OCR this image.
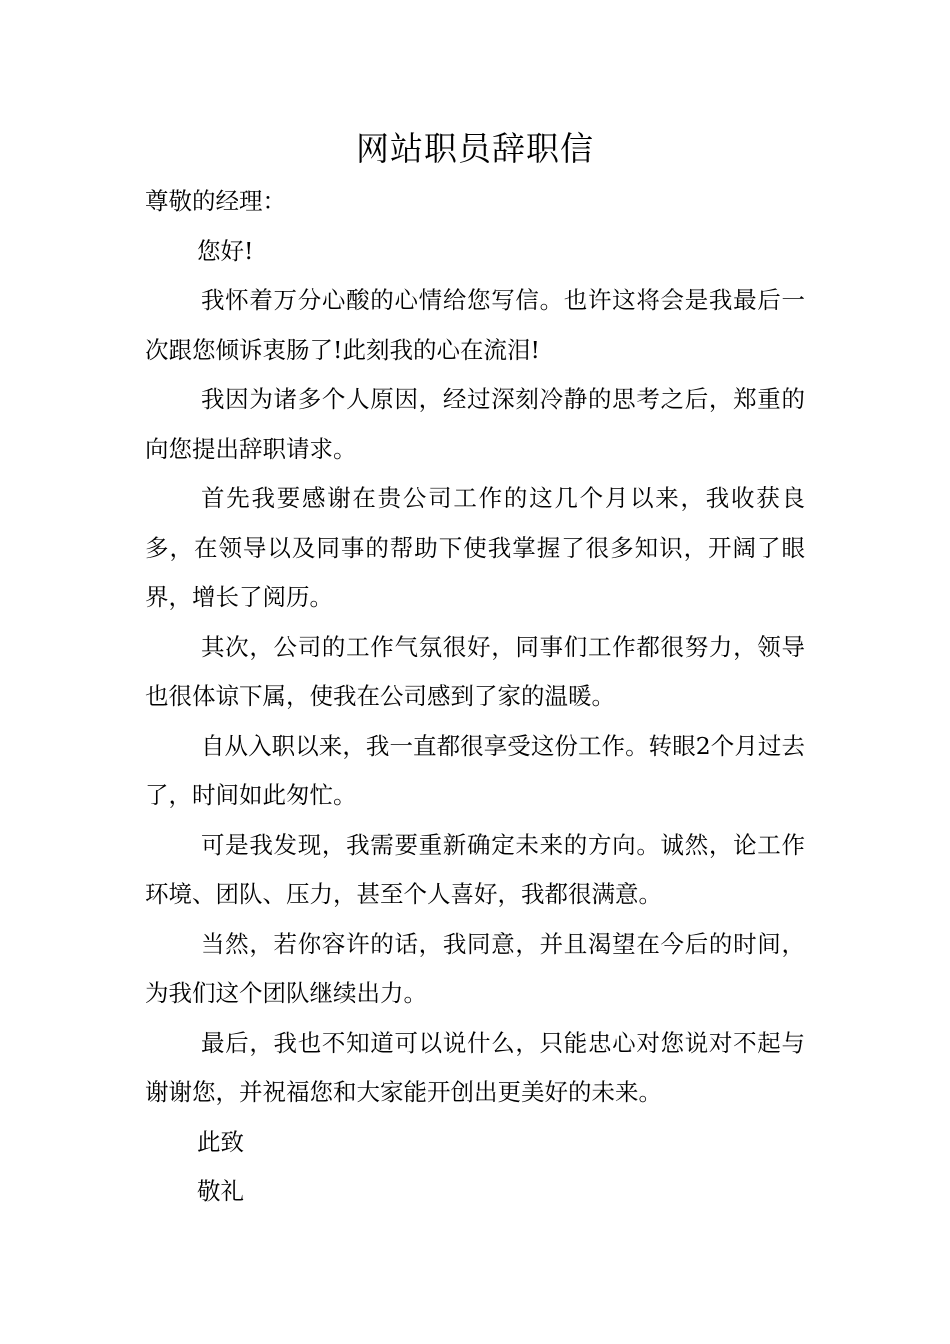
网站职员辞职信

尊敬的经理：

您好!

我怀着万分心酸的心情给您写信。也许这将会是我最后一次跟您倾诉衷肠了!此刻我的心在流泪!

我因为诸多个人原因，经过深刻冷静的思考之后，郑重的向您提出辞职请求。

首先我要感谢在贵公司工作的这几个月以来，我收获良多，在领导以及同事的帮助下使我掌握了很多知识，开阔了眼界，增长了阅历。

其次，公司的工作气氛很好，同事们工作都很努力，领导也很体谅下属，使我在公司感到了家的温暖。

自从入职以来，我一直都很享受这份工作。转眼2个月过去了，时间如此匆忙。

可是我发现，我需要重新确定未来的方向。诚然，论工作环境、团队、压力，甚至个人喜好，我都很满意。

当然，若你容许的话，我同意，并且渴望在今后的时间，为我们这个团队继续出力。

最后，我也不知道可以说什么，只能忠心对您说对不起与谢谢您，并祝福您和大家能开创出更美好的未来。

此致

敬礼
